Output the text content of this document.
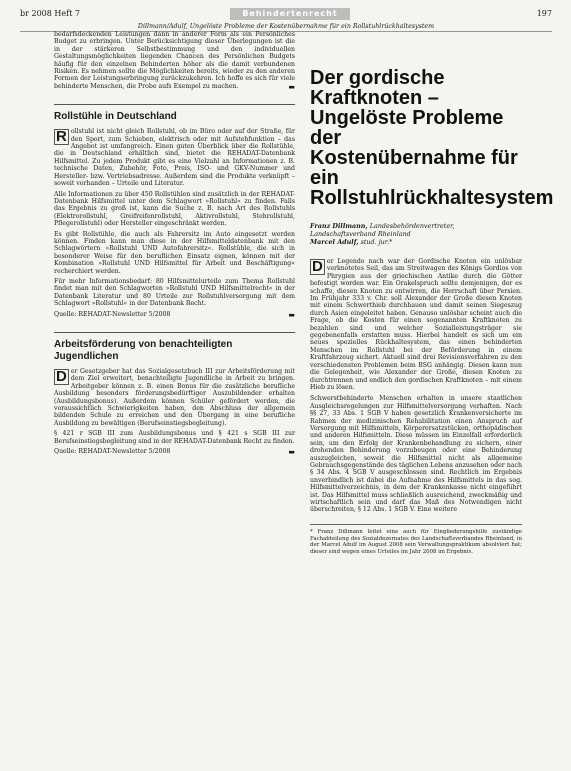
br 2008 Heft 7	Behindertenrecht	197
Dillmann/Adulf, Ungelöste Probleme der Kostenübernahme für ein Rollstuhlrückhaltesystem

bedarfsdeckenden Leistungen dann in anderer Form als ein Persönliches Budget zu erbringen. Unter Berücksichtigung dieser Überlegungen ist die in der stärkeren Selbstbestimmung und den individuellen Gestaltungsmöglichkeiten liegenden Chancen des Persönlichen Budgets häufig für den einzelnen Behinderten höher als die damit verbundenen Risiken. Es nehmen sollte die Möglichkeiten bereits, wieder zu den anderen Formen der Leistungserbringung zurückzukehren. Ich hoffe es sich für viele behinderte Menschen, die Probe aufs Exempel zu machen.	▬

Rollstühle in Deutschland

R ollstuhl ist nicht gleich Rollstuhl, ob im Büro oder auf der Straße, für den Sport, zum Schieben, elektrisch oder mit Aufstehfunktion – das Angebot ist umfangreich. Einen guten Überblick über die Rollstühle, die in Deutschland erhältlich sind, bietet die REHADAT-Datenbank Hilfsmittel. Zu jedem Produkt gibt es eine Vielzahl an Informationen z. B. technische Daten, Zubehör, Foto, Preis, ISO- und GKV-Nummer und Hersteller- bzw. Vertriebsadresse. Außerdem sind die Produkte verknüpft – soweit vorhanden – Urteile und Literatur.

Alle Informationen zu über 450 Rollstühlen sind zusätzlich in der REHADAT-Datenbank Hilfsmittel unter dem Schlagwort »Rollstuhl« zu finden. Falls das Ergebnis zu groß ist, kann die Suche z. B. nach Art des Rollstuhls (Elektrorollstuhl, Greifreifenrollstuhl, Aktivrollstuhl, Stehrollstuhl, Pflegerollstuhl) oder Hersteller eingeschränkt werden.

Es gibt Rollstühle, die auch als Fahrersitz im Auto eingesetzt werden können. Finden kann man diese in der Hilfsmitteldatenbank mit den Schlagwörtern »Rollstuhl UND Autofahrersitz«. Rollstühle, die sich in besonderer Weise für den beruflichen Einsatz eignen, können mit der Kombination »Rollstuhl UND Hilfsmittel für Arbeit und Beschäftigung« recherchiert werden.

Für mehr Informationsbedarf: 80 Hilfsmittelurteile zum Thema Rollstuhl findet man mit den Schlagworten »Rollstuhl UND Hilfsmittelrecht« in der Datenbank Literatur und 80 Urteile zur Rollstuhlversorgung mit dem Schlagwort »Rollstuhl« in der Datenbank Recht.

Quelle: REHADAT-Newsletter 5/2008	▬
Arbeitsförderung von benachteiligten Jugendlichen

D er Gesetzgeber hat das Sozialgesetzbuch III zur Arbeitsförderung mit dem Ziel erweitert, benachteiligte Jugendliche in Arbeit zu bringen. Arbeitgeber können z. B. einen Bonus für die zusätzliche berufliche Ausbildung besonders förderungsbedürftiger Auszubildender erhalten (Ausbildungsbonus). Außerdem können Schüler gefördert werden, die voraussichtlich Schwierigkeiten haben, den Abschluss der allgemein bildenden Schule zu erreichen und den Übergang in eine berufliche Ausbildung zu bewältigen (Berufseinstiegsbegleitung).

§ 421 r SGB III zum Ausbildungsbonus und § 421 s SGB III zur Berufseinstiegsbegleitung sind in der REHADAT-Datenbank Recht zu finden.

Quelle: REHADAT-Newsletter 5/2008	▬
Der gordische Kraftknoten – Ungelöste Probleme der Kostenübernahme für ein Rollstuhlrückhaltesystem
Franz Dillmann, Landesbehördenvertreter, Landschaftsverband Rheinland
Marcel Adulf, stud. jur.*

D er Legende nach war der Gordische Knoten ein unlösbar verknotetes Seil, das am Streitwagen des Königs Gordios von Phrygien aus der griechischen Antike durch die Götter befestigt worden war. Ein Orakelspruch sollte demjenigen, der es schaffe, diesen Knoten zu entwirren, die Herrschaft über Persien. Im Frühjahr 333 v. Chr. soll Alexander der Große diesen Knoten mit einem Schwerthieb durchhauen und damit seinen Siegeszug durch Asien eingeleitet haben. Genauso unlösbar scheint auch die Frage, ob die Kosten für einen sogenannten Kraftknoten zu bezahlen sind und welcher Sozialleistungsträger sie gegebenenfalls erstatten muss. Hierbei handelt es sich um ein neues spezielles Rückhaltesystem, das einen behinderten Menschen im Rollstuhl bei der Beförderung in einem Kraftfahrzeug sichert. Aktuell sind drei Revisionsverfahren zu den verschiedensten Problemen beim BSG anhängig. Diesen kann nun die Gelegenheit, wie Alexander der Große, diesen Knoten zu durchtrennen und endlich den gordischen Kraftknoten – mit einem Hieb zu lösen.

Schwerstbehinderte Menschen erhalten in unsere staatlichen Ausgleichsregelungen zur Hilfsmittelversorgung verhaften. Nach §§ 27, 33 Abs. 1 SGB V haben gesetzlich Krankenversicherte im Rahmen der medizinischen Rehabilitation einen Anspruch auf Versorgung mit Hilfsmitteln, Körperersatzstücken, orthopädischen und anderen Hilfsmitteln. Diese müssen im Einzelfall erforderlich sein, um den Erfolg der Krankenbehandlung zu sichern, einer drohenden Behinderung vorzubeugen oder eine Behinderung auszugleichen, soweit die Hilfsmittel nicht als allgemeine Gebrauchsgegenstände des täglichen Lebens anzusehen oder nach § 34 Abs. 4 SGB V ausgeschlossen sind. Rechtlich im Ergebnis unverbindlich ist dabei die Aufnahme des Hilfsmittels in das sog. Hilfsmittelverzeichnis, in dem der Krankenkasse nicht eingeführt ist. Das Hilfsmittel muss schließlich ausreichend, zweckmäßig und wirtschaftlich sein und darf das Maß des Notwendigen nicht überschreiten, § 12 Abs. 1 SGB V. Eine weitere

* Franz Dillmann leitet eine auch für Eingliederungshilfe zuständige Fachabteilung des Sozialdezernates des Landschaftsverbandes Rheinland, in der Marcel Adulf im August 2008 sein Verwaltungspraktikum absolviert hat; dieser sind wegen eines Urteiles im Jahr 2008 im Ergebnis.
